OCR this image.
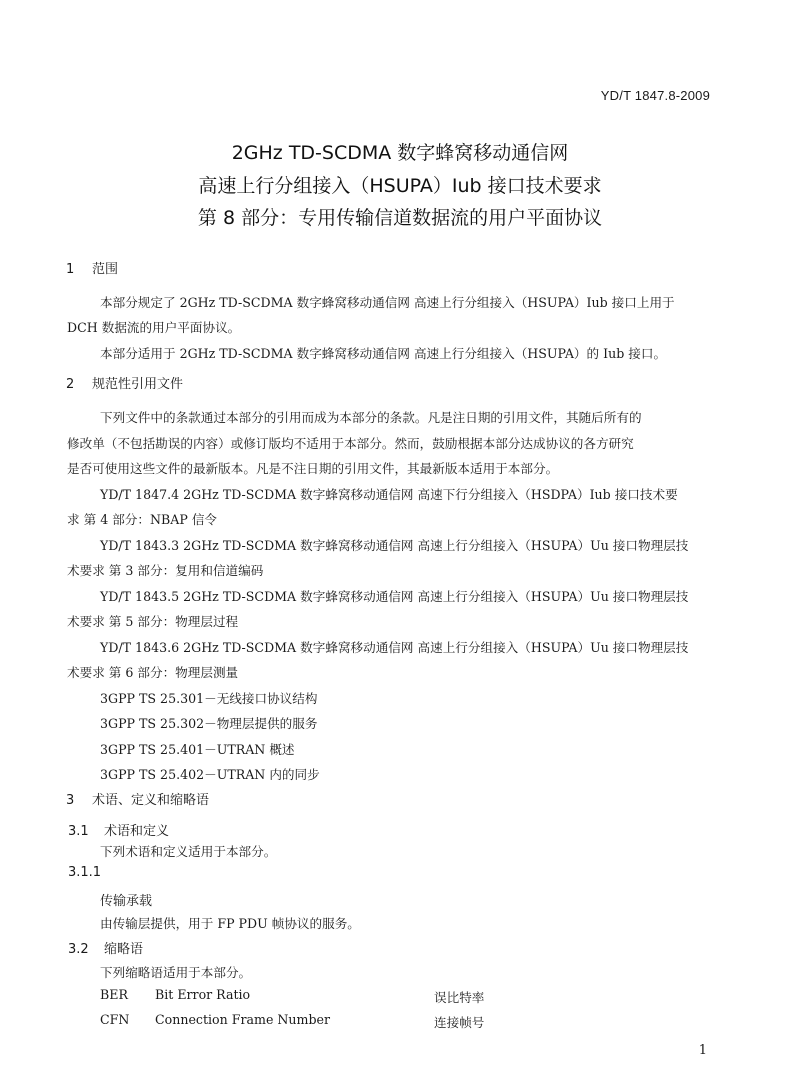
YD/T 1847.8-2009
2GHz TD-SCDMA 数字蜂窝移动通信网
高速上行分组接入（HSUPA）Iub 接口技术要求
第 8 部分：专用传输信道数据流的用户平面协议
1 范围
本部分规定了 2GHz TD-SCDMA 数字蜂窝移动通信网 高速上行分组接入（HSUPA）Iub 接口上用于
DCH 数据流的用户平面协议。
本部分适用于 2GHz TD-SCDMA 数字蜂窝移动通信网 高速上行分组接入（HSUPA）的 Iub 接口。
2 规范性引用文件
下列文件中的条款通过本部分的引用而成为本部分的条款。凡是注日期的引用文件，其随后所有的
修改单（不包括勘误的内容）或修订版均不适用于本部分。然而，鼓励根据本部分达成协议的各方研究
是否可使用这些文件的最新版本。凡是不注日期的引用文件，其最新版本适用于本部分。
YD/T 1847.4 2GHz TD-SCDMA 数字蜂窝移动通信网 高速下行分组接入（HSDPA）Iub 接口技术要
求 第 4 部分：NBAP 信令
YD/T 1843.3 2GHz TD-SCDMA 数字蜂窝移动通信网 高速上行分组接入（HSUPA）Uu 接口物理层技
术要求 第 3 部分：复用和信道编码
YD/T 1843.5 2GHz TD-SCDMA 数字蜂窝移动通信网 高速上行分组接入（HSUPA）Uu 接口物理层技
术要求 第 5 部分：物理层过程
YD/T 1843.6 2GHz TD-SCDMA 数字蜂窝移动通信网 高速上行分组接入（HSUPA）Uu 接口物理层技
术要求 第 6 部分：物理层测量
3GPP TS 25.301－无线接口协议结构
3GPP TS 25.302－物理层提供的服务
3GPP TS 25.401－UTRAN 概述
3GPP TS 25.402－UTRAN 内的同步
3 术语、定义和缩略语
3.1 术语和定义
下列术语和定义适用于本部分。
3.1.1
传输承载
由传输层提供，用于 FP PDU 帧协议的服务。
3.2 缩略语
下列缩略语适用于本部分。
BER Bit Error Ratio	误比特率
CFN Connection Frame Number	连接帧号
1
